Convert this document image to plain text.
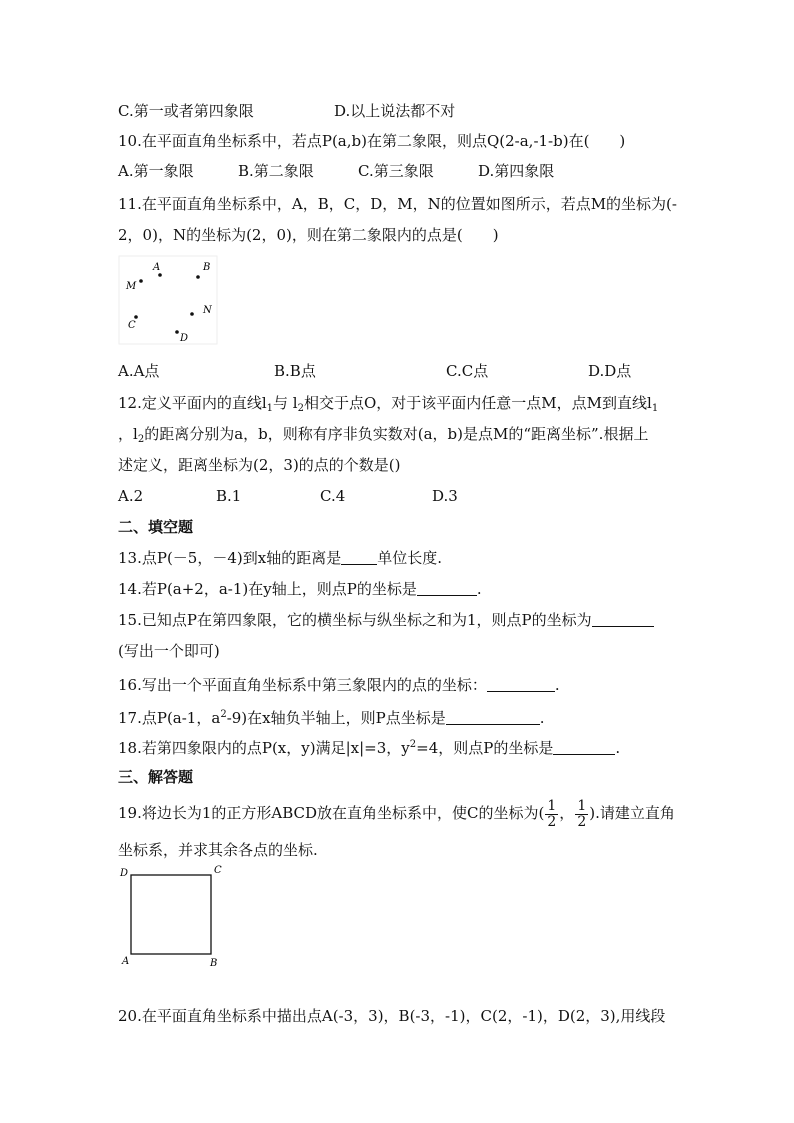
C.第一或者第四象限	D.以上说法都不对
10.在平面直角坐标系中，若点P(a,b)在第二象限，则点Q(2-a,-1-b)在(　　)
A.第一象限	B.第二象限	C.第三象限	D.第四象限
11.在平面直角坐标系中，A，B，C，D，M，N的位置如图所示，若点M的坐标为(-
2，0)，N的坐标为(2，0)，则在第二象限内的点是(　　)
A	B
M
N
C
D
A.A点	B.B点	C.C点	D.D点
12.定义平面内的直线$l_1$与 $l_2$相交于点O，对于该平面内任意一点M，点M到直线$l_1$
，$l_2$的距离分别为a，b，则称有序非负实数对(a，b)是点M的“距离坐标”.根据上
述定义，距离坐标为(2，3)的点的个数是()
A.2	B.1	C.4	D.3
二、填空题
13.点P(－5，－4)到x轴的距离是 单位长度.
14.若P(a+2，a-1)在y轴上，则点P的坐标是	.
15.已知点P在第四象限，它的横坐标与纵坐标之和为1，则点P的坐标为
(写出一个即可)
16.写出一个平面直角坐标系中第三象限内的点的坐标：	.
17.点P(a-1，$a^2-9$)在x轴负半轴上，则P点坐标是	.
18.若第四象限内的点P(x，y)满足|x|=3，$y^2=4$，则点P的坐标是	.
三、解答题
19.将边长为1的正方形ABCD放在直角坐标系中，使C的坐标为( $\frac{1}{2}$ ， $\frac{1}{2}$ ).请建立直角
坐标系，并求其余各点的坐标.
D	C
A	B
20.在平面直角坐标系中描出点A(-3，3)，B(-3，-1)，C(2，-1)，D(2，3),用线段
